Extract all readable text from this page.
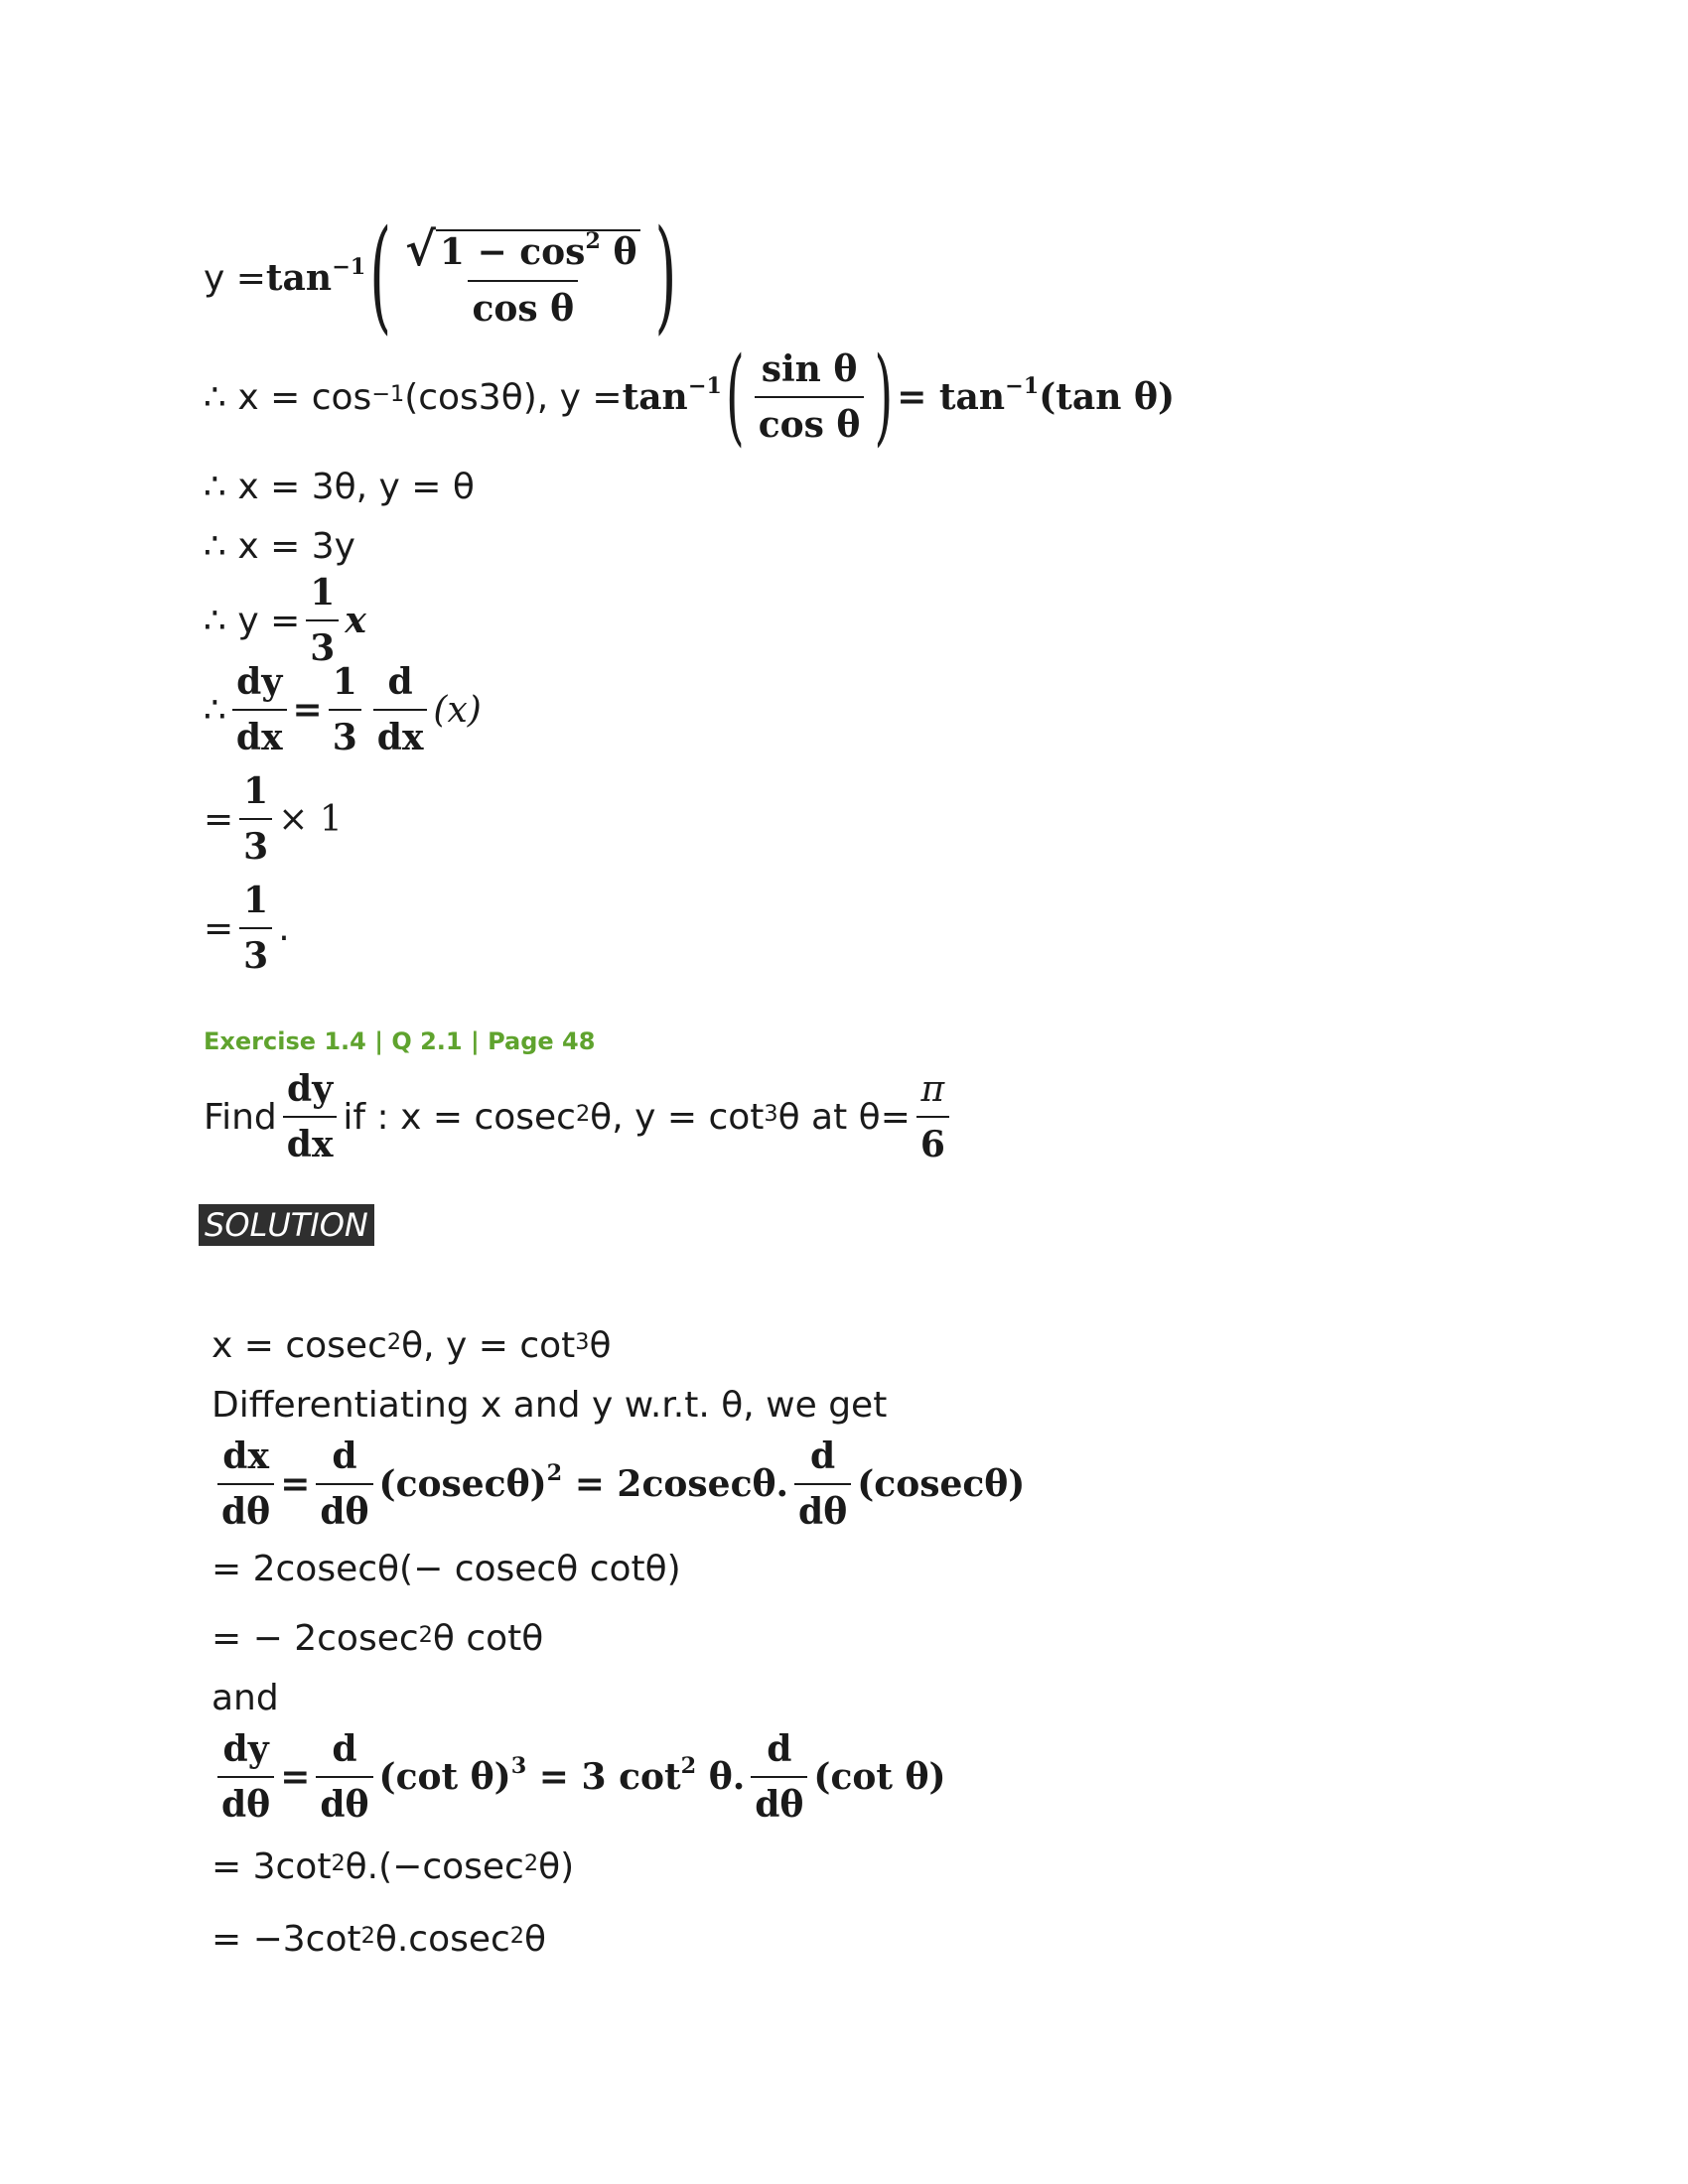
$y = \tan^{-1}$ ( $\frac{√ 1 - \cos^2 \theta}{\text{cos θ}}$ )
∴ $x = \cos^{-1} (\cos 3\theta)$, $y = \tan^{-1}$ ( $\frac{\text{sin θ}}{\text{cos θ}}$ ) = $\tan^{-1}(\tan$ θ)
∴ x = 3θ, y = θ
∴ x = 3y
∴ $y = \frac{1}{3}$ x
∴ $\frac{dy}{dx} = \frac{1}{3} \frac{d}{dx} (x)$
= $\frac{1}{3} \times 1$
= $\frac{1}{3}$ .
Exercise 1.4 | Q 2.1 | Page 48
Find $\frac{dy}{dx}$ if : x = cosec$^2$ θ, $y = \cot^3 \theta$ at $\theta= \frac{\pi}{6}$
SOLUTION
x = cosec$^2$ θ, $y = \cot^3 \theta$
Differentiating x and y w.r.t. θ, we get
$\frac{dx}{d\theta} = \frac{d}{d\theta} (cosec\theta)^2 = 2cosec\theta$. $\frac{d}{d\theta} (cosec\theta)$
= 2cosecθ(− cosecθ cotθ)
= − 2cosec$^2$ θ cotθ
and
$\frac{dy}{d\theta} = \frac{d}{d\theta} (\cot$ θ)$^3$ = 3 $\cot^2 \theta$. $\frac{d}{d\theta} (\cot$ θ)
= $3\cot^2$ θ.(−cosec$^2$ θ)
= $-3\cot^2$ θ.cosec$^2$ θ
